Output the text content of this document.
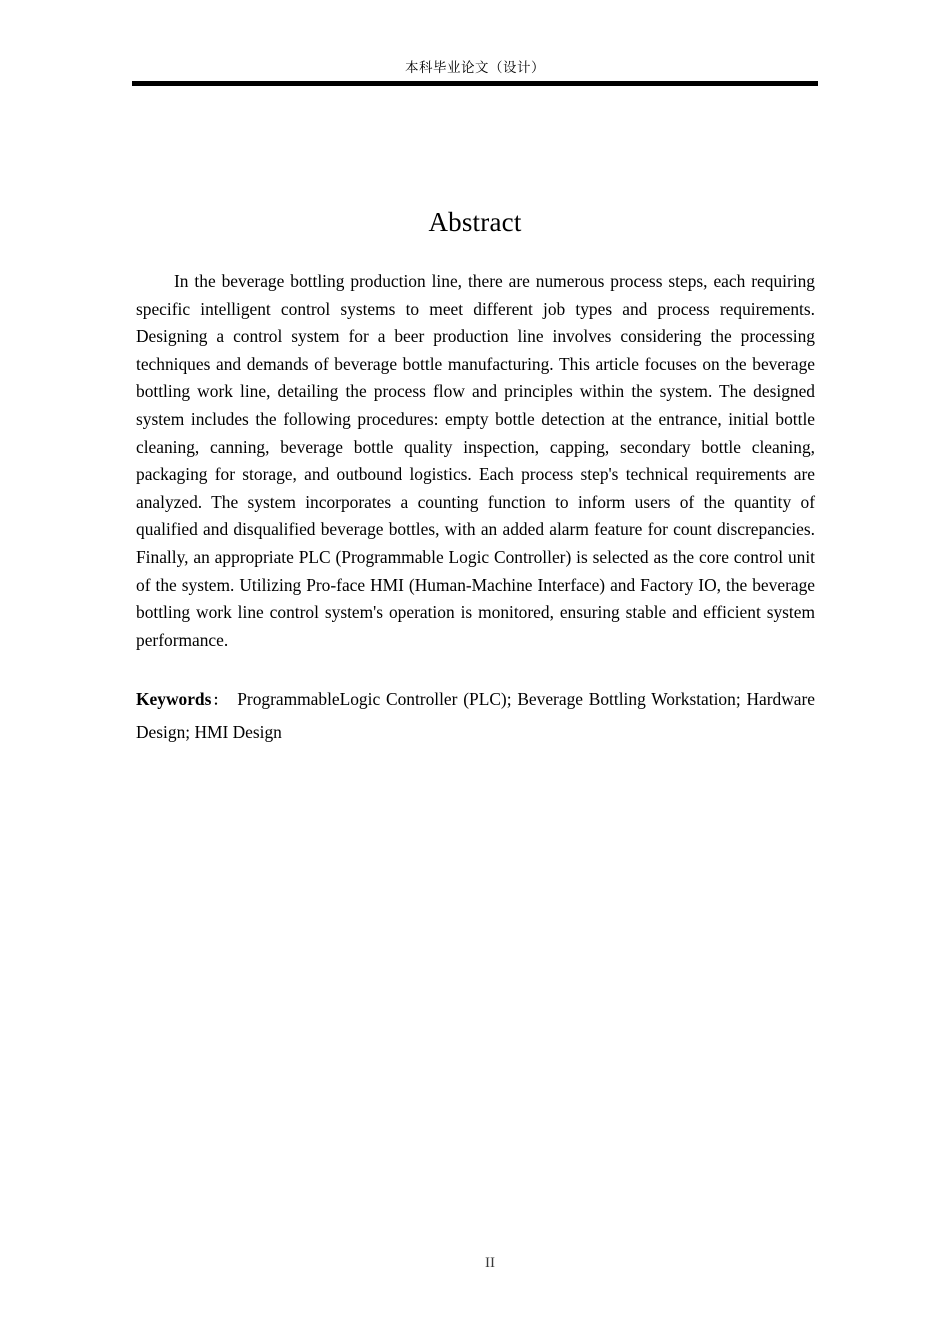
本科毕业论文（设计）
Abstract

In the beverage bottling production line, there are numerous process steps, each requiring specific intelligent control systems to meet different job types and process requirements. Designing a control system for a beer production line involves considering the processing techniques and demands of beverage bottle manufacturing. This article focuses on the beverage bottling work line, detailing the process flow and principles within the system. The designed system includes the following procedures: empty bottle detection at the entrance, initial bottle cleaning, canning, beverage bottle quality inspection, capping, secondary bottle cleaning, packaging for storage, and outbound logistics. Each process step's technical requirements are analyzed. The system incorporates a counting function to inform users of the quantity of qualified and disqualified beverage bottles, with an added alarm feature for count discrepancies. Finally, an appropriate PLC (Programmable Logic Controller) is selected as the core control unit of the system. Utilizing Pro-face HMI (Human-Machine Interface) and Factory IO, the beverage bottling work line control system's operation is monitored, ensuring stable and efficient system performance.

Keywords： ProgrammableLogic Controller (PLC); Beverage Bottling Workstation; Hardware Design; HMI Design

II
